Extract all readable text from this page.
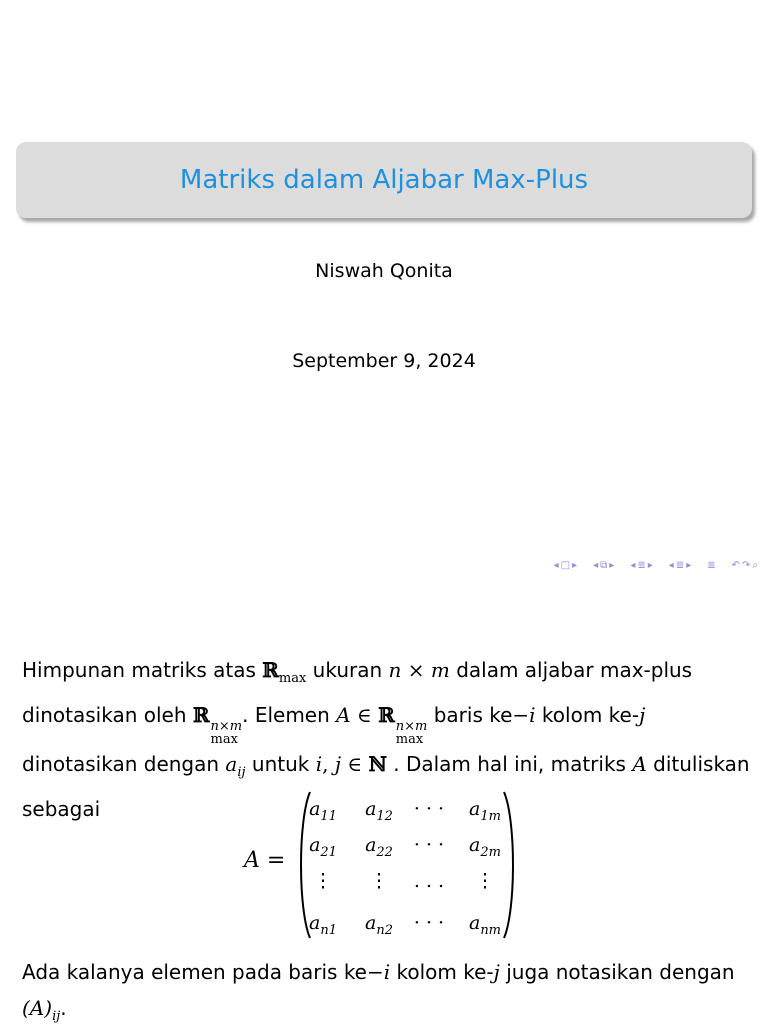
Matriks dalam Aljabar Max-Plus
Niswah Qonita
September 9, 2024
◂ □ ▸ ◂ ⧉ ▸ ◂ ≣ ▸ ◂ ≣ ▸ ≣ ↶ ↷ ⌕
Himpunan matriks atas ℝ$_{max}$ ukuran n × m dalam aljabar max-plus
dinotasikan oleh ℝ n×m
max
. Elemen A ∈ ℝ n×m
max
baris ke−i kolom ke-j
dinotasikan dengan $a_{ij}$ untuk i, j ∈ ℕ . Dalam hal ini, matriks A dituliskan
sebagai
A =
$a_{11}$	$a_{12}$	· · ·	$a_{1m}$
$a_{21}$	$a_{22}$	· · ·	$a_{2m}$
⋮	⋮	. . .	⋮
$a_{n1}$	$a_{n2}$	· · ·	$a_{nm}$
Ada kalanya elemen pada baris ke−i kolom ke-j juga notasikan dengan
$(A)_{ij}$.
